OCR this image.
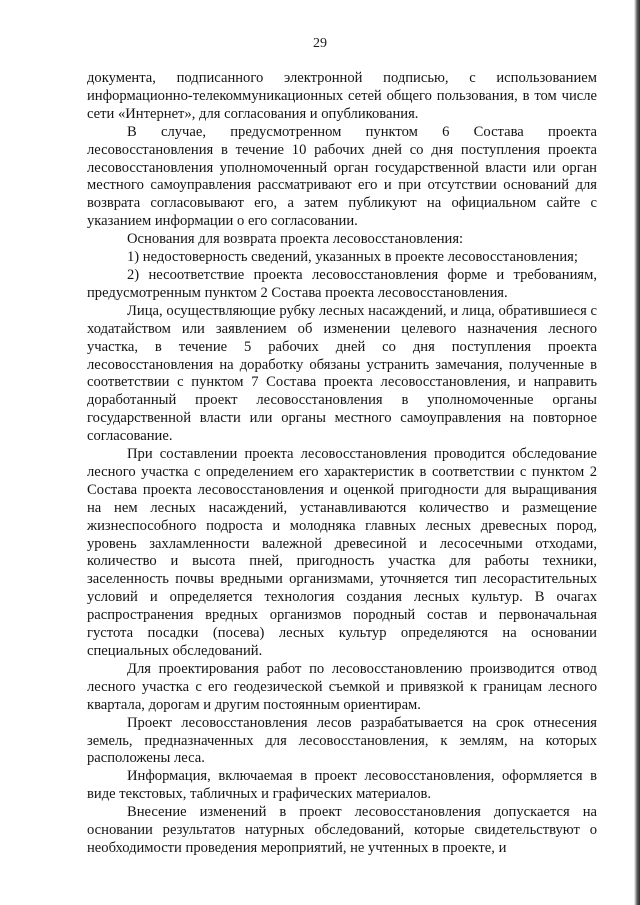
29

документа, подписанного электронной подписью, с использованием информационно-телекоммуникационных сетей общего пользования, в том числе сети «Интернет», для согласования и опубликования.

В случае, предусмотренном пунктом 6 Состава проекта лесовосстановления в течение 10 рабочих дней со дня поступления проекта лесовосстановления уполномоченный орган государственной власти или орган местного самоуправления рассматривают его и при отсутствии оснований для возврата согласовывают его, а затем публикуют на официальном сайте с указанием информации о его согласовании.

Основания для возврата проекта лесовосстановления:

1) недостоверность сведений, указанных в проекте лесовосстановления;

2) несоответствие проекта лесовосстановления форме и требованиям, предусмотренным пунктом 2 Состава проекта лесовосстановления.

Лица, осуществляющие рубку лесных насаждений, и лица, обратившиеся с ходатайством или заявлением об изменении целевого назначения лесного участка, в течение 5 рабочих дней со дня поступления проекта лесовосстановления на доработку обязаны устранить замечания, полученные в соответствии с пунктом 7 Состава проекта лесовосстановления, и направить доработанный проект лесовосстановления в уполномоченные органы государственной власти или органы местного самоуправления на повторное согласование.

При составлении проекта лесовосстановления проводится обследование лесного участка с определением его характеристик в соответствии с пунктом 2 Состава проекта лесовосстановления и оценкой пригодности для выращивания на нем лесных насаждений, устанавливаются количество и размещение жизнеспособного подроста и молодняка главных лесных древесных пород, уровень захламленности валежной древесиной и лесосечными отходами, количество и высота пней, пригодность участка для работы техники, заселенность почвы вредными организмами, уточняется тип лесорастительных условий и определяется технология создания лесных культур. В очагах распространения вредных организмов породный состав и первоначальная густота посадки (посева) лесных культур определяются на основании специальных обследований.

Для проектирования работ по лесовосстановлению производится отвод лесного участка с его геодезической съемкой и привязкой к границам лесного квартала, дорогам и другим постоянным ориентирам.

Проект лесовосстановления лесов разрабатывается на срок отнесения земель, предназначенных для лесовосстановления, к землям, на которых расположены леса.

Информация, включаемая в проект лесовосстановления, оформляется в виде текстовых, табличных и графических материалов.

Внесение изменений в проект лесовосстановления допускается на основании результатов натурных обследований, которые свидетельствуют о необходимости проведения мероприятий, не учтенных в проекте, и
